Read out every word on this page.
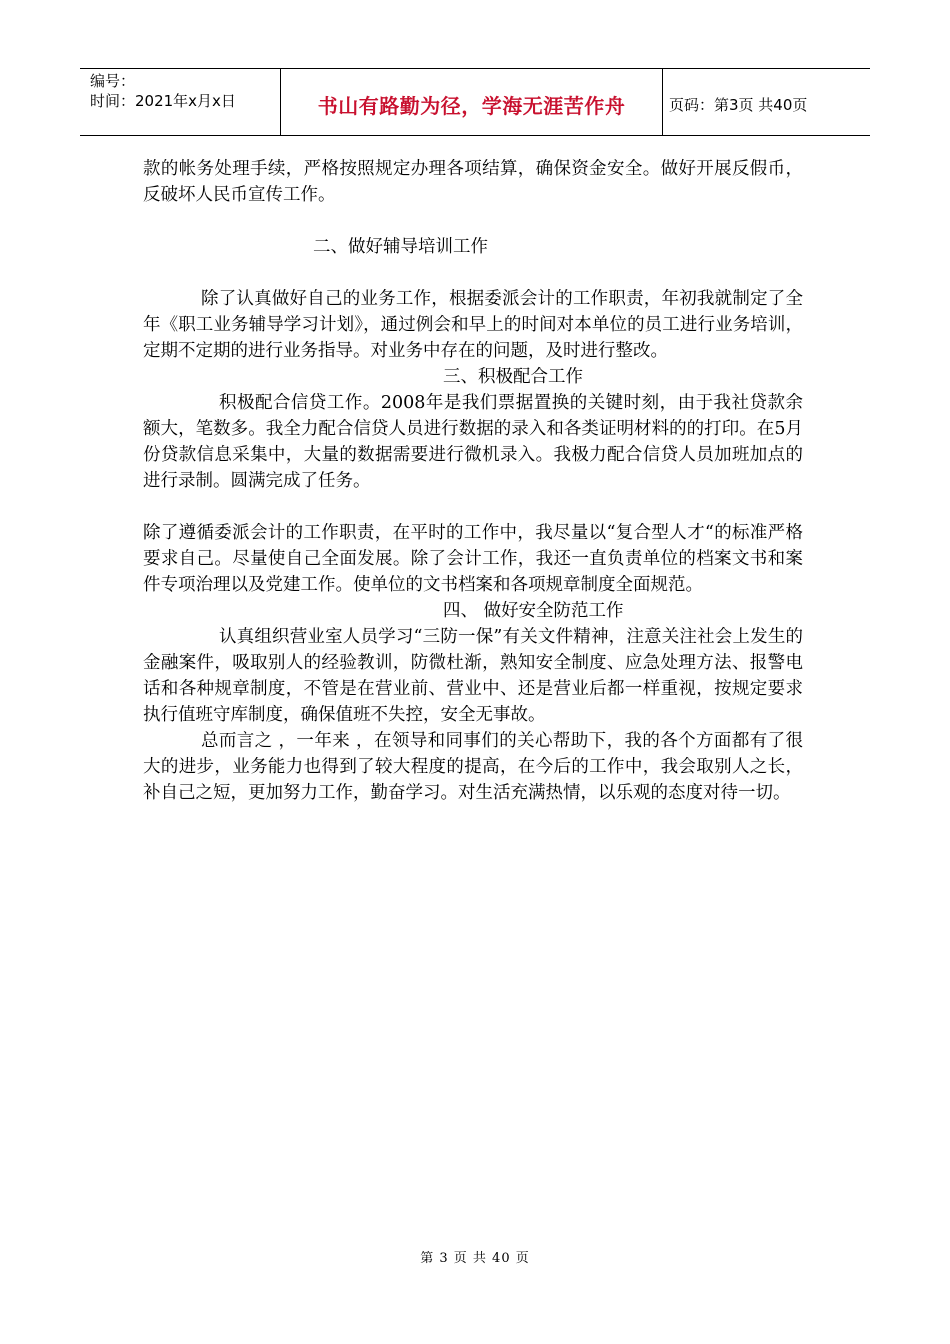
编号：
时间：2021年x月x日	书山有路勤为径，学海无涯苦作舟	页码：第3页 共40页

款的帐务处理手续，严格按照规定办理各项结算，确保资金安全。做好开展反假币，反破坏人民币宣传工作。

二、做好辅导培训工作

除了认真做好自己的业务工作，根据委派会计的工作职责，年初我就制定了全年《职工业务辅导学习计划》，通过例会和早上的时间对本单位的员工进行业务培训，定期不定期的进行业务指导。对业务中存在的问题，及时进行整改。

三、积极配合工作

积极配合信贷工作。2008年是我们票据置换的关键时刻，由于我社贷款余额大，笔数多。我全力配合信贷人员进行数据的录入和各类证明材料的的打印。在5月份贷款信息采集中，大量的数据需要进行微机录入。我极力配合信贷人员加班加点的进行录制。圆满完成了任务。

除了遵循委派会计的工作职责，在平时的工作中，我尽量以“复合型人才“的标准严格要求自己。尽量使自己全面发展。除了会计工作，我还一直负责单位的档案文书和案件专项治理以及党建工作。使单位的文书档案和各项规章制度全面规范。

四、 做好安全防范工作

认真组织营业室人员学习“三防一保”有关文件精神，注意关注社会上发生的金融案件，吸取别人的经验教训，防微杜渐，熟知安全制度、应急处理方法、报警电话和各种规章制度，不管是在营业前、营业中、还是营业后都一样重视，按规定要求执行值班守库制度，确保值班不失控，安全无事故。

总而言之 ，一年来 ，在领导和同事们的关心帮助下，我的各个方面都有了很大的进步，业务能力也得到了较大程度的提高，在今后的工作中，我会取别人之长，补自己之短，更加努力工作，勤奋学习。对生活充满热情，以乐观的态度对待一切。

第 3 页 共 40 页
